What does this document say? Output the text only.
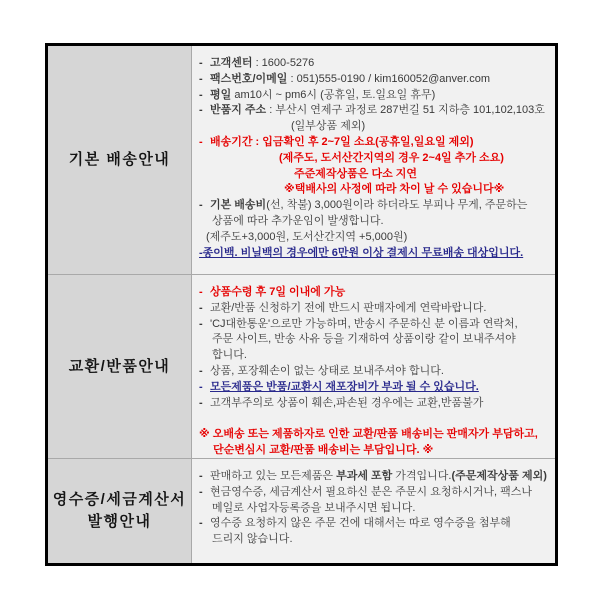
기본 배송안내
- 고객센터 : 1600-5276
- 팩스번호/이메일 : 051)555-0190 / kim160052@anver.com
- 평일 am10시 ~ pm6시 (공휴일, 토.일요일 휴무)
- 반품지 주소 : 부산시 연제구 과정로 287번길 51 지하층 101,102,103호
(일부상품 제외)
- 배송기간 : 입금확인 후 2~7일 소요(공휴일,일요일 제외)
(제주도, 도서산간지역의 경우 2~4일 추가 소요)
주준제작상품은 다소 지연
※택배사의 사정에 따라 차이 날 수 있습니다※
- 기본 배송비(선, 착불) 3,000원이라 하더라도 부피나 무게, 주문하는
상품에 따라 추가운임이 발생합니다.
(제주도+3,000원, 도서산간지역 +5,000원)
-종이백. 비닐백의 경우에만 6만원 이상 결제시 무료배송 대상입니다.
교환/반품안내
- 상품수령 후 7일 이내에 가능
- 교환/반품 신청하기 전에 반드시 판매자에게 연락바랍니다.
- 'CJ대한통운'으로만 가능하며, 반송시 주문하신 분 이름과 연락처,
주문 사이트, 반송 사유 등을 기재하여 상품이랑 같이 보내주셔야
합니다.
- 상품, 포장훼손이 없는 상태로 보내주셔야 합니다.
- 모든제품은 반품/교환시 재포장비가 부과 될 수 있습니다.
- 고객부주의로 상품이 훼손,파손된 경우에는 교환,반품불가
※ 오배송 또는 제품하자로 인한 교환/판품 배송비는 판매자가 부담하고,
단순변심시 교환/판품 배송비는 부담입니다. ※
영수증/세금계산서
발행안내
- 판매하고 있는 모든제품은 부과세 포함 가격입니다.(주문제작상품 제외)
- 현금영수증, 세금계산서 필요하신 분은 주문시 요청하시거나, 팩스나
메일로 사업자등록증을 보내주시면 됩니다.
- 영수증 요청하지 않은 주문 건에 대해서는 따로 영수증을 첨부해
드리지 않습니다.
